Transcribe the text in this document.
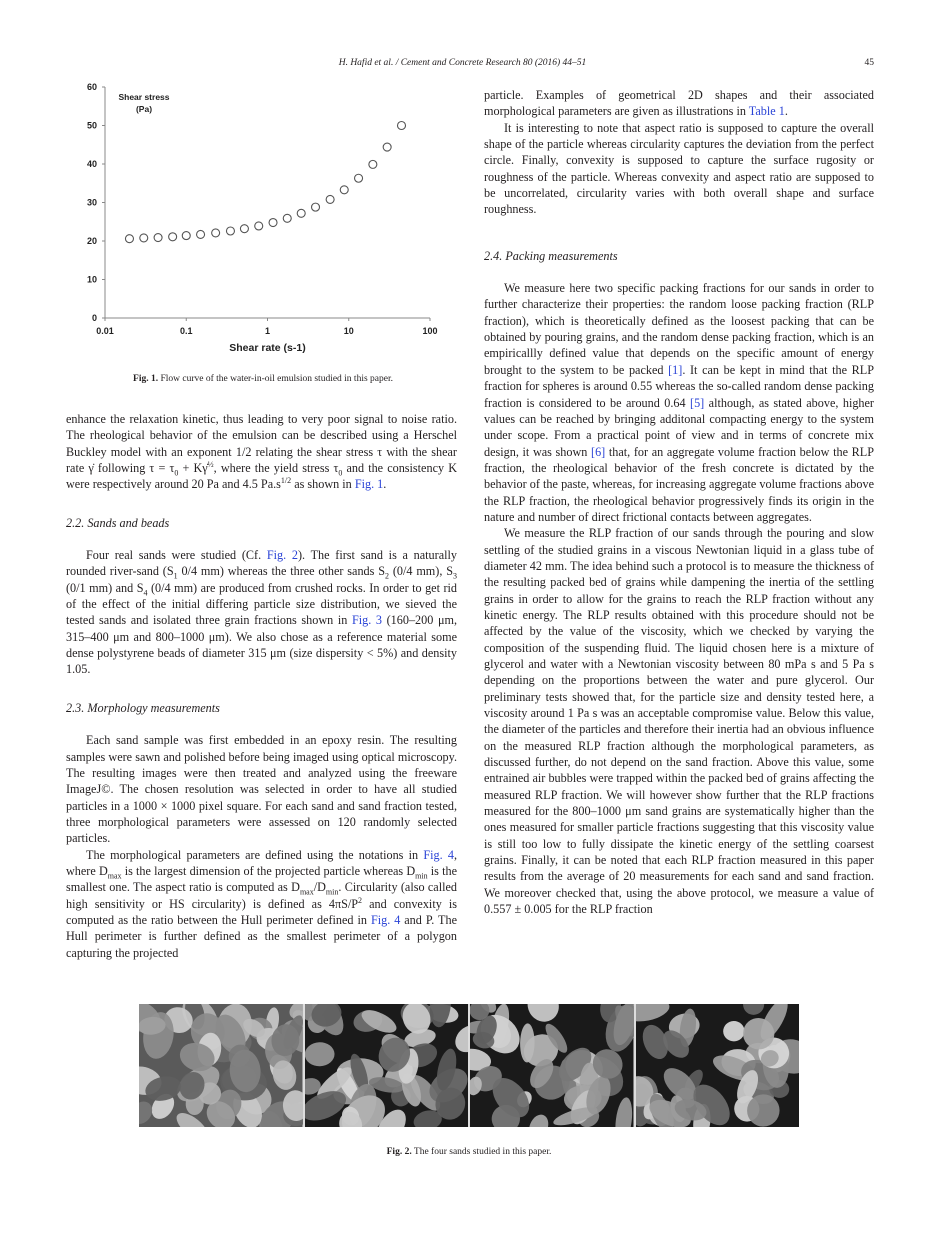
H. Hafid et al. / Cement and Concrete Research 80 (2016) 44–51	45
0
10
20
30
40
50
60
0.01	0.1	1	10	100
Shear rate (s-1)
Shear stress
(Pa)
Fig. 1. Flow curve of the water-in-oil emulsion studied in this paper.

enhance the relaxation kinetic, thus leading to very poor signal to noise ratio. The rheological behavior of the emulsion can be described using a Herschel Buckley model with an exponent 1/2 relating the shear stress τ with the shear rate γ̇ following $\tau = \tau_0$ + Kγ̇$^{\frac{1}{2}}$, where the yield stress $\tau_0$ and the consistency K were respectively around 20 Pa and 4.5 $Pa.s^{1/2}$ as shown in Fig. 1.

2.2. Sands and beads

Four real sands were studied (Cf. Fig. 2). The first sand is a naturally rounded river-sand ($S_1$ 0/4 mm) whereas the three other sands $S_2$ (0/4 mm), $S_3$ (0/1 mm) and $S_4$ (0/4 mm) are produced from crushed rocks. In order to get rid of the effect of the initial differing particle size distribution, we sieved the tested sands and isolated three grain fractions shown in Fig. 3 (160–200 μm, 315–400 μm and 800–1000 μm). We also chose as a reference material some dense polystyrene beads of diameter 315 μm (size dispersity < 5%) and density 1.05.

2.3. Morphology measurements

Each sand sample was first embedded in an epoxy resin. The resulting samples were sawn and polished before being imaged using optical microscopy. The resulting images were then treated and analyzed using the freeware ImageJ©. The chosen resolution was selected in order to have all studied particles in a 1000 × 1000 pixel square. For each sand and sand fraction tested, three morphological parameters were assessed on 120 randomly selected particles.

The morphological parameters are defined using the notations in Fig. 4, where $D_{max}$ is the largest dimension of the projected particle whereas $D_{min}$ is the smallest one. The aspect ratio is computed as $D_{max}/D_{min}$. Circularity (also called high sensitivity or HS circularity) is defined as $4\pi S/P^2$ and convexity is computed as the ratio between the Hull perimeter defined in Fig. 4 and P. The Hull perimeter is further defined as the smallest perimeter of a polygon capturing the projected

particle. Examples of geometrical 2D shapes and their associated morphological parameters are given as illustrations in Table 1.

It is interesting to note that aspect ratio is supposed to capture the overall shape of the particle whereas circularity captures the deviation from the perfect circle. Finally, convexity is supposed to capture the surface rugosity or roughness of the particle. Whereas convexity and aspect ratio are supposed to be uncorrelated, circularity varies with both overall shape and surface roughness.

2.4. Packing measurements

We measure here two specific packing fractions for our sands in order to further characterize their properties: the random loose packing fraction (RLP fraction), which is theoretically defined as the loosest packing that can be obtained by pouring grains, and the random dense packing fraction, which is an empiricallly defined value that depends on the specific amount of energy brought to the system to be packed [1]. It can be kept in mind that the RLP fraction for spheres is around 0.55 whereas the so-called random dense packing fraction is considered to be around 0.64 [5] although, as stated above, higher values can be reached by bringing additonal compacting energy to the system under scope. From a practical point of view and in terms of concrete mix design, it was shown [6] that, for an aggregate volume fraction below the RLP fraction, the rheological behavior of the fresh concrete is dictated by the behavior of the paste, whereas, for increasing aggregate volume fractions above the RLP fraction, the rheological behavior progressively finds its origin in the nature and number of direct frictional contacts between aggregates.

We measure the RLP fraction of our sands through the pouring and slow settling of the studied grains in a viscous Newtonian liquid in a glass tube of diameter 42 mm. The idea behind such a protocol is to measure the thickness of the resulting packed bed of grains while dampening the inertia of the settling grains in order to allow for the grains to reach the RLP fraction without any kinetic energy. The RLP results obtained with this procedure should not be affected by the value of the viscosity, which we checked by varying the composition of the suspending fluid. The liquid chosen here is a mixture of glycerol and water with a Newtonian viscosity between 80 mPa s and 5 Pa s depending on the proportions between the water and pure glycerol. Our preliminary tests showed that, for the particle size and density tested here, a viscosity around 1 Pa s was an acceptable compromise value. Below this value, the diameter of the particles and therefore their inertia had an obvious influence on the measured RLP fraction although the morphological parameters, as discussed further, do not depend on the sand fraction. Above this value, some entrained air bubbles were trapped within the packed bed of grains affecting the measured RLP fraction. We will however show further that the RLP fractions measured for the 800–1000 μm sand grains are systematically higher than the ones measured for smaller particle fractions suggesting that this viscosity value is still too low to fully dissipate the kinetic energy of the settling coarsest grains. Finally, it can be noted that each RLP fraction measured in this paper results from the average of 20 measurements for each sand and sand fraction. We moreover checked that, using the above protocol, we measure a value of 0.557 ± 0.005 for the RLP fraction

Fig. 2. The four sands studied in this paper.
